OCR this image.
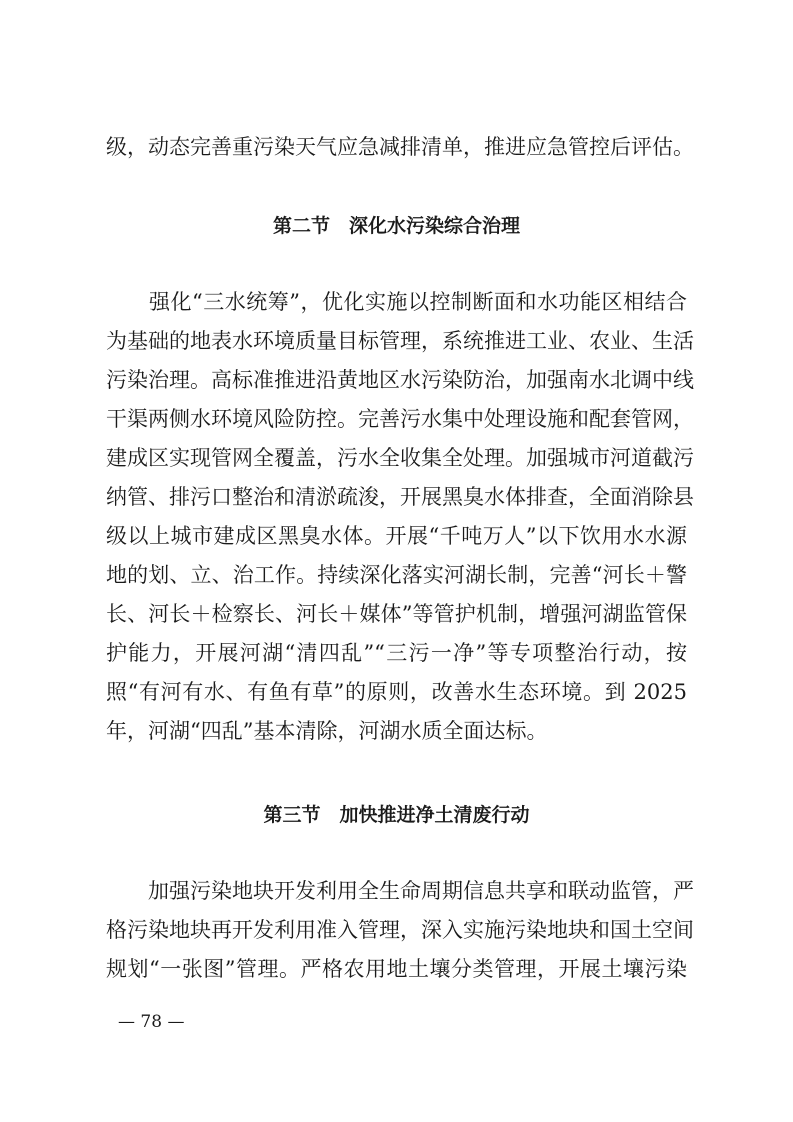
级，动态完善重污染天气应急减排清单，推进应急管控后评估。
第二节　深化水污染综合治理
　　强化“三水统筹”，优化实施以控制断面和水功能区相结合
为基础的地表水环境质量目标管理，系统推进工业、农业、生活
污染治理。高标准推进沿黄地区水污染防治，加强南水北调中线
干渠两侧水环境风险防控。完善污水集中处理设施和配套管网，
建成区实现管网全覆盖，污水全收集全处理。加强城市河道截污
纳管、排污口整治和清淤疏浚，开展黑臭水体排查，全面消除县
级以上城市建成区黑臭水体。开展“千吨万人”以下饮用水水源
地的划、立、治工作。持续深化落实河湖长制，完善“河长＋警
长、河长＋检察长、河长＋媒体”等管护机制，增强河湖监管保
护能力，开展河湖“清四乱”“三污一净”等专项整治行动，按
照“有河有水、有鱼有草”的原则，改善水生态环境。到 2025
年，河湖“四乱”基本清除，河湖水质全面达标。
第三节　加快推进净土清废行动
　　加强污染地块开发利用全生命周期信息共享和联动监管，严
格污染地块再开发利用准入管理，深入实施污染地块和国土空间
规划“一张图”管理。严格农用地土壤分类管理，开展土壤污染
— 78 —
